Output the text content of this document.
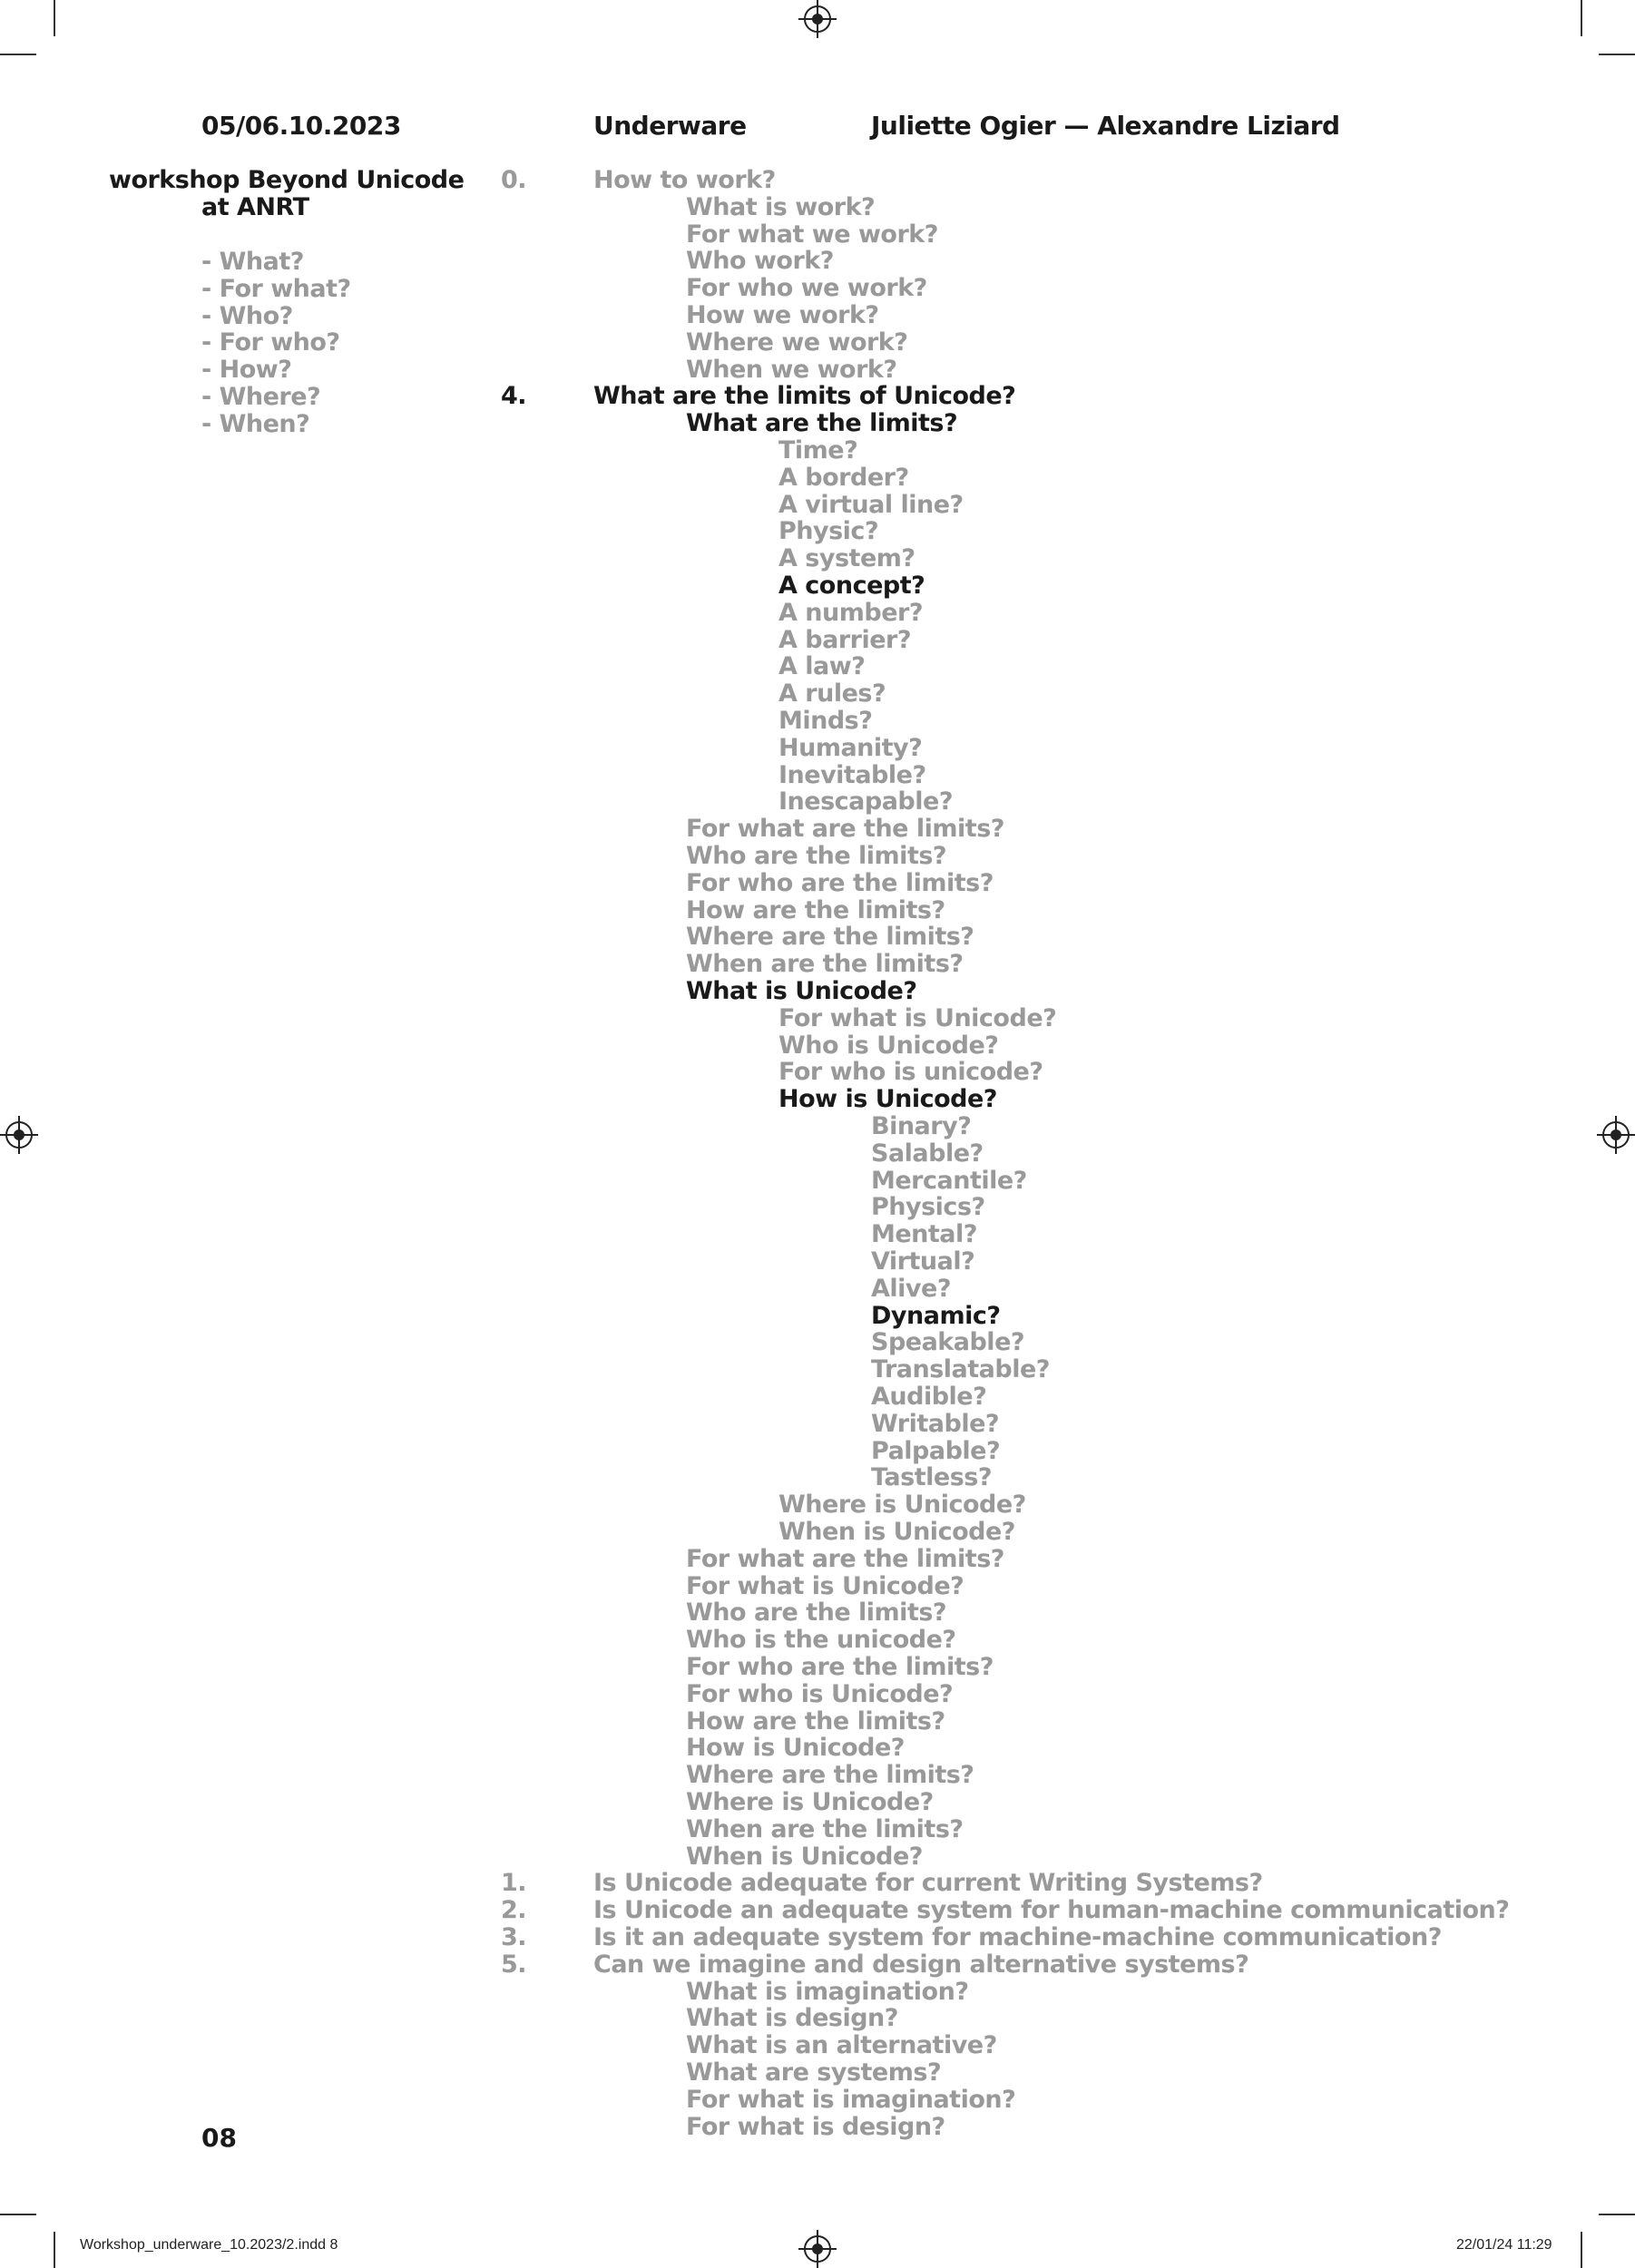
05/06.10.2023	Underware	Juliette Ogier — Alexandre Liziard
workshop Beyond Unicode
at ANRT
- What?
- For what?
- Who?
- For who?
- How?
- Where?
- When?
0.	How to work?
What is work?
For what we work?
Who work?
For who we work?
How we work?
Where we work?
When we work?
4.	What are the limits of Unicode?
What are the limits?
Time?
A border?
A virtual line?
Physic?
A system?
A concept?
A number?
A barrier?
A law?
A rules?
Minds?
Humanity?
Inevitable?
Inescapable?
For what are the limits?
Who are the limits?
For who are the limits?
How are the limits?
Where are the limits?
When are the limits?
What is Unicode?
For what is Unicode?
Who is Unicode?
For who is unicode?
How is Unicode?
Binary?
Salable?
Mercantile?
Physics?
Mental?
Virtual?
Alive?
Dynamic?
Speakable?
Translatable?
Audible?
Writable?
Palpable?
Tastless?
Where is Unicode?
When is Unicode?
For what are the limits?
For what is Unicode?
Who are the limits?
Who is the unicode?
For who are the limits?
For who is Unicode?
How are the limits?
How is Unicode?
Where are the limits?
Where is Unicode?
When are the limits?
When is Unicode?
1.	Is Unicode adequate for current Writing Systems?
2.	Is Unicode an adequate system for human-machine communication?
3.	Is it an adequate system for machine-machine communication?
5.	Can we imagine and design alternative systems?
What is imagination?
What is design?
What is an alternative?
What are systems?
For what is imagination?
For what is design?
08
Workshop_underware_10.2023/2.indd 8	22/01/24 11:29
